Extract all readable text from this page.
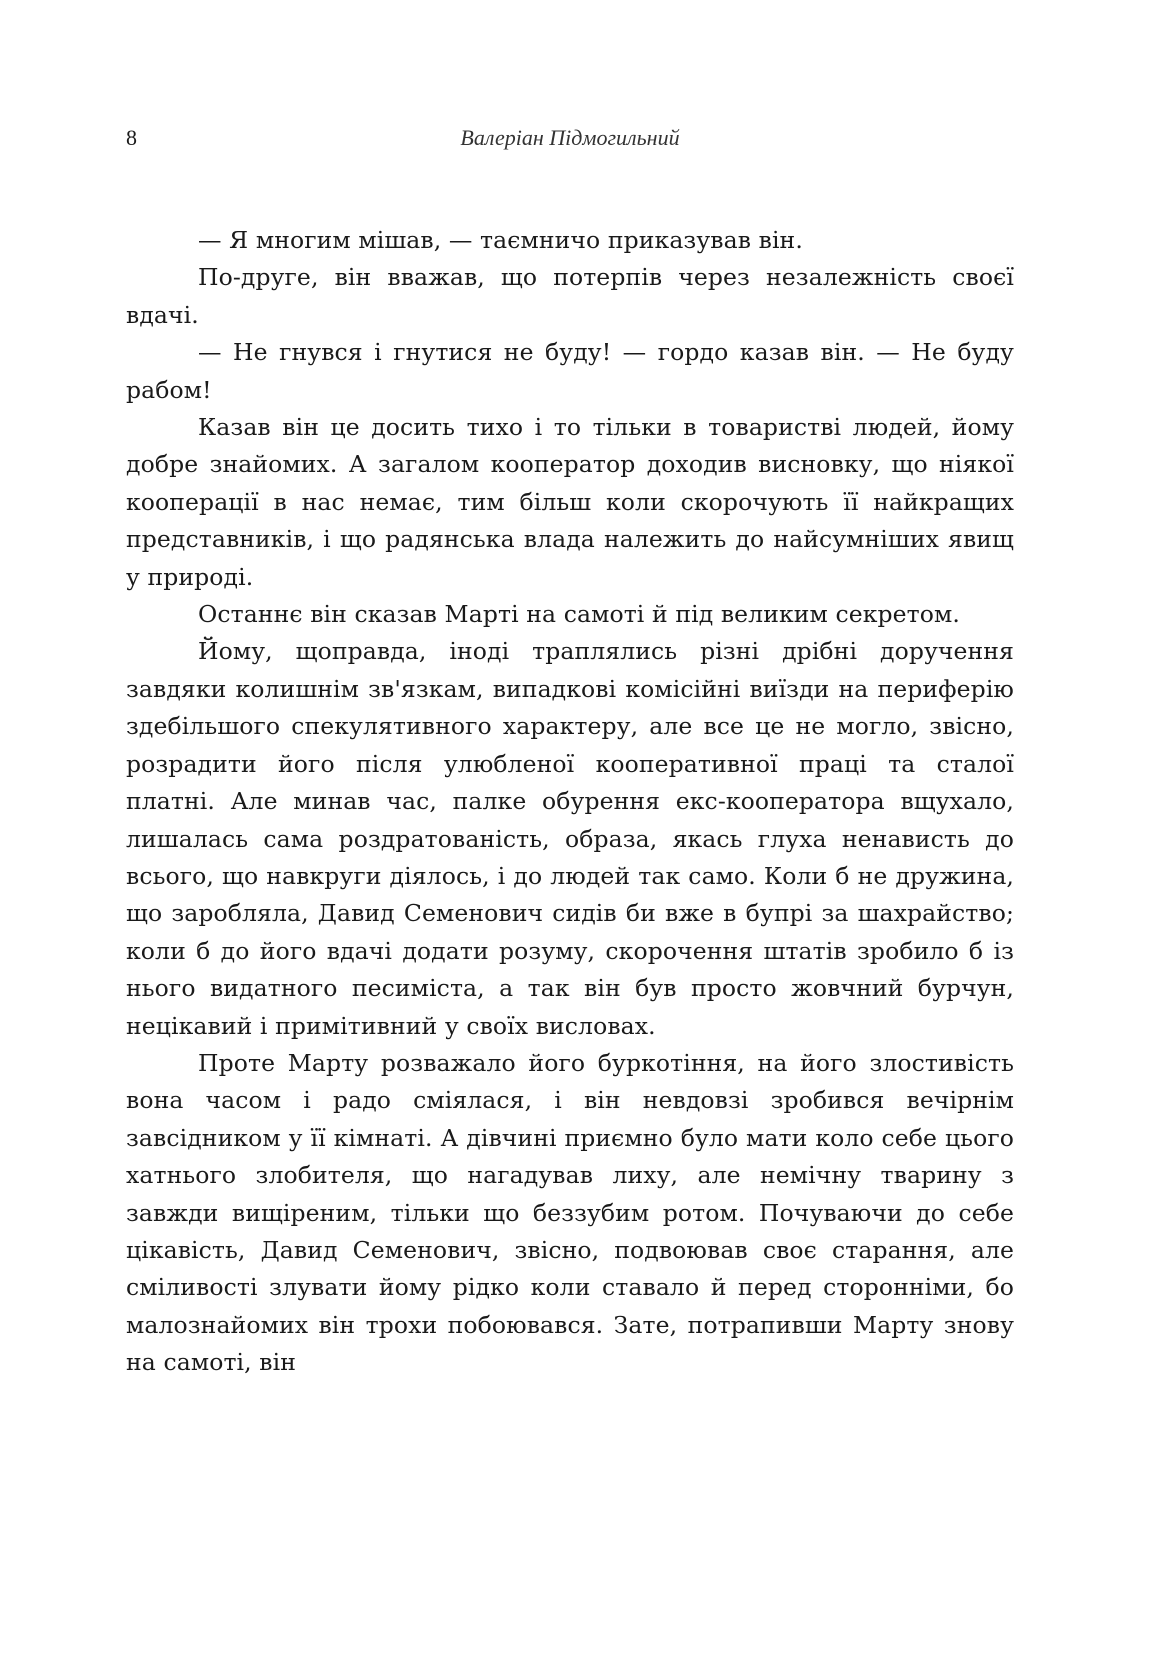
8	Валеріан Підмогильний

— Я многим мішав, — таємничо приказував він.

По-друге, він вважав, що потерпів через незалежність своєї вдачі.

— Не гнувся і гнутися не буду! — гордо казав він. — Не буду рабом!

Казав він це досить тихо і то тільки в товаристві людей, йому добре знайомих. А загалом кооператор доходив висновку, що ніякої кооперації в нас немає, тим більш коли скорочують її найкращих представників, і що радянська влада належить до найсумніших явищ у природі.

Останнє він сказав Марті на самоті й під великим секретом.

Йому, щоправда, іноді траплялись різні дрібні доручення завдяки колишнім зв'язкам, випадкові комісійні виїзди на периферію здебільшого спекулятивного характеру, але все це не могло, звісно, розрадити його після улюбленої кооперативної праці та сталої платні. Але минав час, палке обурення екс-кооператора вщухало, лишалась сама роздратованість, образа, якась глуха ненависть до всього, що навкруги діялось, і до людей так само. Коли б не дружина, що заробляла, Давид Семенович сидів би вже в бупрі за шахрайство; коли б до його вдачі додати розуму, скорочення штатів зробило б із нього видатного песиміста, а так він був просто жовчний бурчун, нецікавий і примітивний у своїх висловах.

Проте Марту розважало його буркотіння, на його злостивість вона часом і радо сміялася, і він невдовзі зробився вечірнім завсідником у її кімнаті. А дівчині приємно було мати коло себе цього хатнього злобителя, що нагадував лиху, але немічну тварину з завжди вищіреним, тільки що беззубим ротом. Почуваючи до себе цікавість, Давид Семенович, звісно, подвоював своє старання, але сміливості злувати йому рідко коли ставало й перед сторонніми, бо малознайомих він трохи побоювався. Зате, потрапивши Марту знову на самоті, він
